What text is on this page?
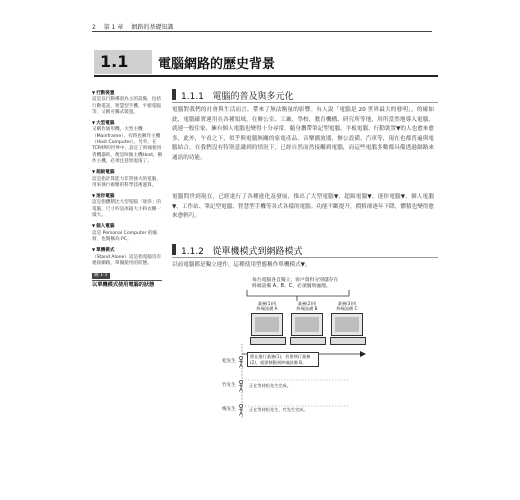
2 第 1 章 網路的基礎知識
1.1 電腦網路的歷史背景
▼ 行動裝置
這是以行動導項為主的設備，包括行動電話、智慧型手機、平板電腦等，又稱可攜式裝置。
▼ 大型電腦
又稱作通用機，大型主機（Mainframe），有時也稱作主機（Host Computer）。另外，在TCP/IP的世界中，設定了終端使用者機器的，便是叫做主機Host，稱作主機，必須注意別混淆了。
▼ 超級電腦
這是指計算能力非常強大的電腦，用來執行複雜的科學技術運算。
▼ 迷你電腦
這是指體積比大型電腦「迷你」的電腦，尺寸約是冰箱大小和衣櫃一樣大。
▼ 個人電腦
這是 Personal Computer 的縮寫，也簡稱為 PC。
▼ 單機模式
（Stand Alone）這是指電腦沒有連接網路，單獨使用的狀態。
圖 1-1
以單機模式使用電腦的狀態
1.1.1 電腦的普及與多元化
電腦對我們的社會與生活而言，帶來了無法衡量的影響。有人說「電腦是 20 世界最大的發明」，的確如此，電腦確實運用在各種領域，在辦公室、工廠、學校、教育機構、研究所等地，用所當然地導入電腦，就連一般住家，擁有個人電腦也變得十分尋常，隨身攜帶筆記型電腦、平板電腦、行動裝置▼的人也愈來愈多，此外，午看之下，似乎與電腦無關的家電產品、音樂播放器、辦公設備、汽車等，現在也都普遍與電腦結合。在我們沒有特別意識到的情況下，已經自然而然接觸到電腦，而這些電腦多數都具備透過網路來通訊的功能。
電腦問世到現在，已經進行了各種進化及發展，推出了大型電腦▼、超級電腦▼、迷你電腦▼、個人電腦▼、工作站、筆記型電腦、智慧型手機等各式各樣的電腦。功能不斷提升，價格卻逐年下降，體積也變得愈來愈輕巧。
1.1.2 從單機模式到網路模式
以前電腦都是獨立運作，這種使用型態稱作單機模式▼。
每台電腦各自獨立，客戶資料分別儲存在
終端設備 A、B、C，必須個別處理。
業務(1)用
終端設備 A
業務(2)用
終端設備 B
業務(3)用
終端設備 C
松先生
將在進行業務(1)，若要執行業務(2)，就要移動到終端設備 B。
竹先生	正在等待松先生完成。
梅先生	正在等待松先生，竹先生完成。
